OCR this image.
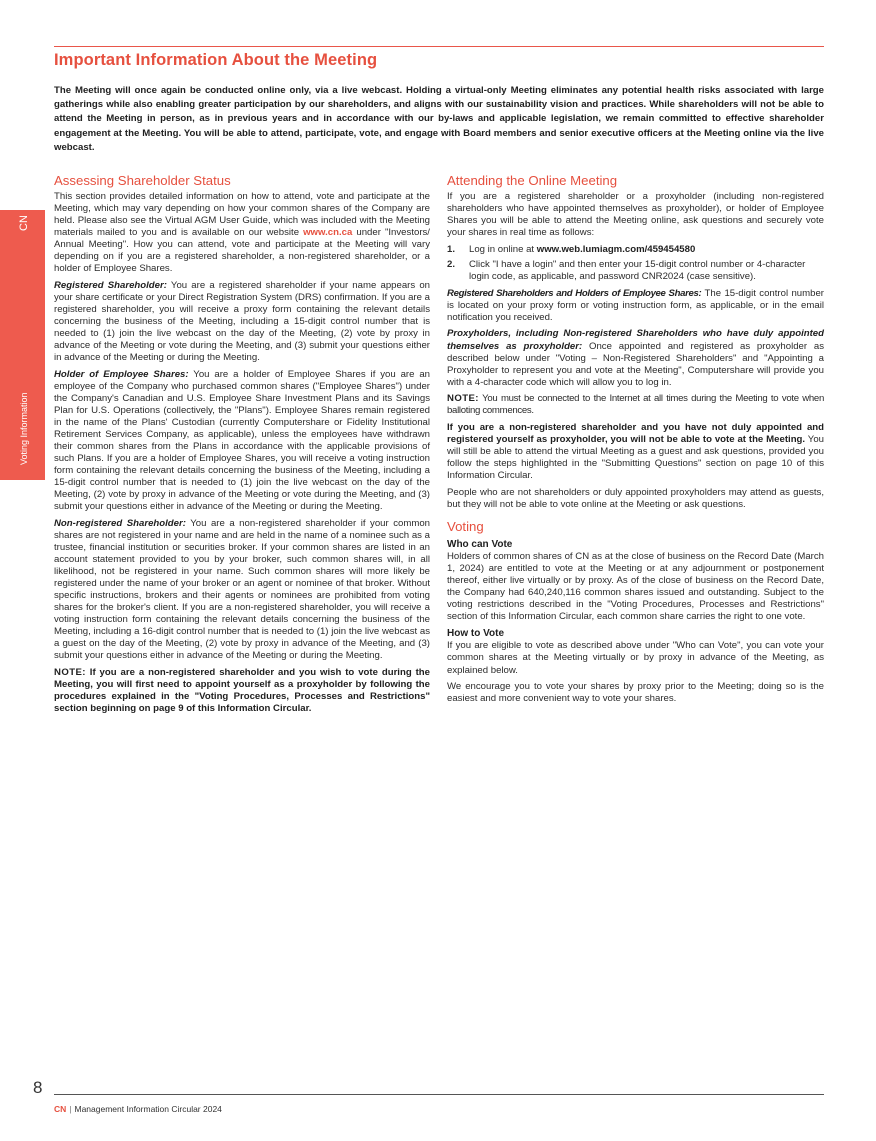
Important Information About the Meeting

The Meeting will once again be conducted online only, via a live webcast. Holding a virtual-only Meeting eliminates any potential health risks associated with large gatherings while also enabling greater participation by our shareholders, and aligns with our sustainability vision and practices. While shareholders will not be able to attend the Meeting in person, as in previous years and in accordance with our by-laws and applicable legislation, we remain committed to effective shareholder engagement at the Meeting. You will be able to attend, participate, vote, and engage with Board members and senior executive officers at the Meeting online via the live webcast.

CN
Voting Information
Assessing Shareholder Status

This section provides detailed information on how to attend, vote and participate at the Meeting, which may vary depending on how your common shares of the Company are held. Please also see the Virtual AGM User Guide, which was included with the Meeting materials mailed to you and is available on our website www.cn.ca under "Investors/ Annual Meeting". How you can attend, vote and participate at the Meeting will vary depending on if you are a registered shareholder, a non-registered shareholder, or a holder of Employee Shares.

Registered Shareholder: You are a registered shareholder if your name appears on your share certificate or your Direct Registration System (DRS) confirmation. If you are a registered shareholder, you will receive a proxy form containing the relevant details concerning the business of the Meeting, including a 15-digit control number that is needed to (1) join the live webcast on the day of the Meeting, (2) vote by proxy in advance of the Meeting or vote during the Meeting, and (3) submit your questions either in advance of the Meeting or during the Meeting.

Holder of Employee Shares: You are a holder of Employee Shares if you are an employee of the Company who purchased common shares ("Employee Shares") under the Company's Canadian and U.S. Employee Share Investment Plans and its Savings Plan for U.S. Operations (collectively, the "Plans"). Employee Shares remain registered in the name of the Plans' Custodian (currently Computershare or Fidelity Institutional Retirement Services Company, as applicable), unless the employees have withdrawn their common shares from the Plans in accordance with the applicable provisions of such Plans. If you are a holder of Employee Shares, you will receive a voting instruction form containing the relevant details concerning the business of the Meeting, including a 15-digit control number that is needed to (1) join the live webcast on the day of the Meeting, (2) vote by proxy in advance of the Meeting or vote during the Meeting, and (3) submit your questions either in advance of the Meeting or during the Meeting.

Non-registered Shareholder: You are a non-registered shareholder if your common shares are not registered in your name and are held in the name of a nominee such as a trustee, financial institution or securities broker. If your common shares are listed in an account statement provided to you by your broker, such common shares will, in all likelihood, not be registered in your name. Such common shares will more likely be registered under the name of your broker or an agent or nominee of that broker. Without specific instructions, brokers and their agents or nominees are prohibited from voting shares for the broker's client. If you are a non-registered shareholder, you will receive a voting instruction form containing the relevant details concerning the business of the Meeting, including a 16-digit control number that is needed to (1) join the live webcast as a guest on the day of the Meeting, (2) vote by proxy in advance of the Meeting, and (3) submit your questions either in advance of the Meeting or during the Meeting.

NOTE: If you are a non-registered shareholder and you wish to vote during the Meeting, you will first need to appoint yourself as a proxyholder by following the procedures explained in the "Voting Procedures, Processes and Restrictions" section beginning on page 9 of this Information Circular.

Attending the Online Meeting

If you are a registered shareholder or a proxyholder (including non-registered shareholders who have appointed themselves as proxyholder), or holder of Employee Shares you will be able to attend the Meeting online, ask questions and securely vote your shares in real time as follows:

1.	Log in online at www.web.lumiagm.com/459454580
2.	Click "I have a login" and then enter your 15-digit control number or 4-character login code, as applicable, and password CNR2024 (case sensitive).

Registered Shareholders and Holders of Employee Shares: The 15-digit control number is located on your proxy form or voting instruction form, as applicable, or in the email notification you received.

Proxyholders, including Non-registered Shareholders who have duly appointed themselves as proxyholder: Once appointed and registered as proxyholder as described below under "Voting – Non-Registered Shareholders" and "Appointing a Proxyholder to represent you and vote at the Meeting", Computershare will provide you with a 4-character code which will allow you to log in.

NOTE: You must be connected to the Internet at all times during the Meeting to vote when balloting commences.

If you are a non-registered shareholder and you have not duly appointed and registered yourself as proxyholder, you will not be able to vote at the Meeting. You will still be able to attend the virtual Meeting as a guest and ask questions, provided you follow the steps highlighted in the "Submitting Questions" section on page 10 of this Information Circular.

People who are not shareholders or duly appointed proxyholders may attend as guests, but they will not be able to vote online at the Meeting or ask questions.

Voting
Who can Vote

Holders of common shares of CN as at the close of business on the Record Date (March 1, 2024) are entitled to vote at the Meeting or at any adjournment or postponement thereof, either live virtually or by proxy. As of the close of business on the Record Date, the Company had 640,240,116 common shares issued and outstanding. Subject to the voting restrictions described in the "Voting Procedures, Processes and Restrictions" section of this Information Circular, each common share carries the right to one vote.

How to Vote

If you are eligible to vote as described above under "Who can Vote", you can vote your common shares at the Meeting virtually or by proxy in advance of the Meeting, as explained below.

We encourage you to vote your shares by proxy prior to the Meeting; doing so is the easiest and more convenient way to vote your shares.

8
CN | Management Information Circular 2024
